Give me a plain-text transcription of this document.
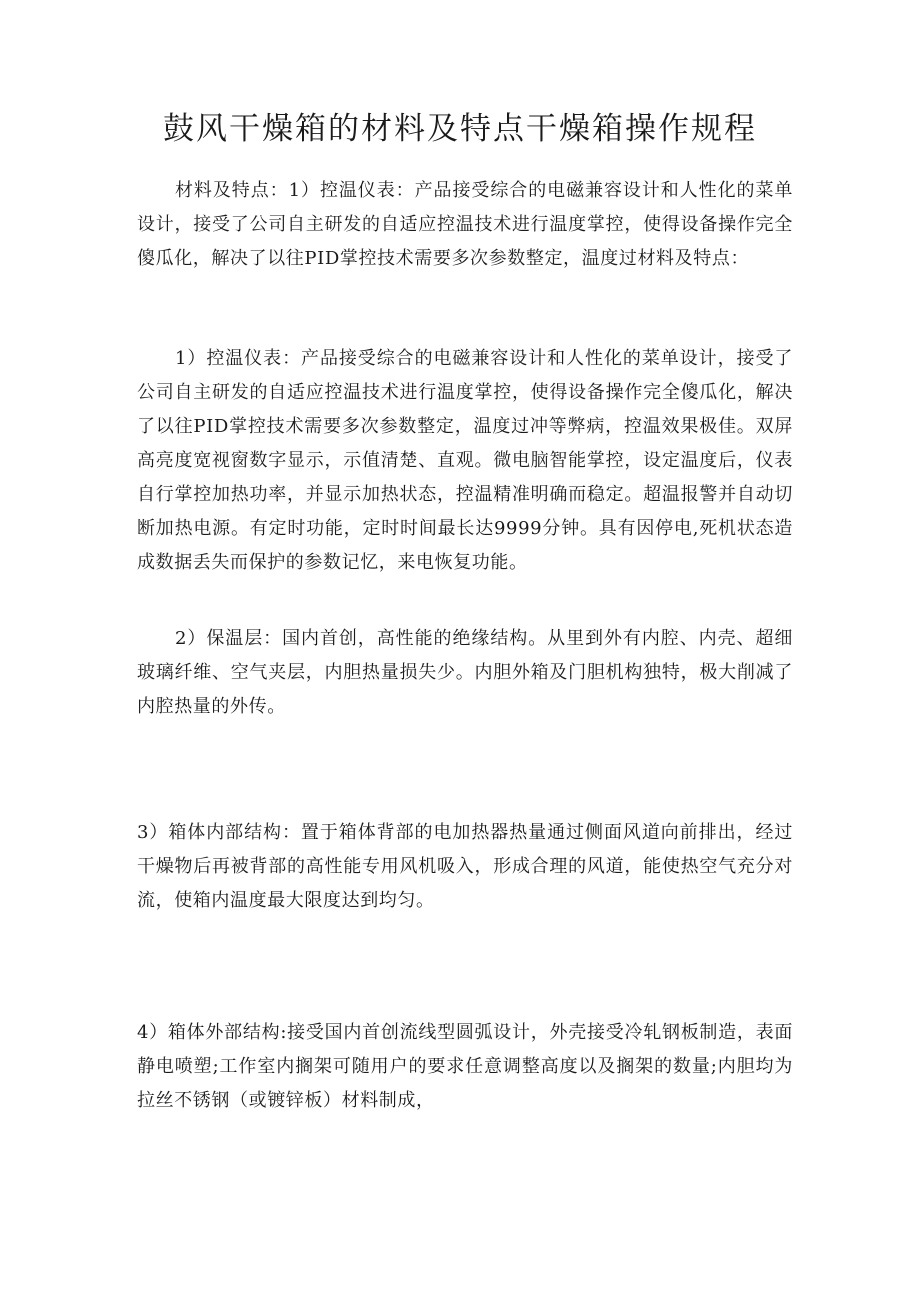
鼓风干燥箱的材料及特点干燥箱操作规程

材料及特点：1）控温仪表：产品接受综合的电磁兼容设计和人性化的菜单设计，接受了公司自主研发的自适应控温技术进行温度掌控，使得设备操作完全傻瓜化，解决了以往PID掌控技术需要多次参数整定，温度过材料及特点：

1）控温仪表：产品接受综合的电磁兼容设计和人性化的菜单设计，接受了公司自主研发的自适应控温技术进行温度掌控，使得设备操作完全傻瓜化，解决了以往PID掌控技术需要多次参数整定，温度过冲等弊病，控温效果极佳。双屏高亮度宽视窗数字显示，示值清楚、直观。微电脑智能掌控，设定温度后，仪表自行掌控加热功率，并显示加热状态，控温精准明确而稳定。超温报警并自动切断加热电源。有定时功能，定时时间最长达9999分钟。具有因停电,死机状态造成数据丢失而保护的参数记忆，来电恢复功能。

2）保温层：国内首创，高性能的绝缘结构。从里到外有内腔、内壳、超细玻璃纤维、空气夹层，内胆热量损失少。内胆外箱及门胆机构独特，极大削减了内腔热量的外传。

3）箱体内部结构：置于箱体背部的电加热器热量通过侧面风道向前排出，经过干燥物后再被背部的高性能专用风机吸入，形成合理的风道，能使热空气充分对流，使箱内温度最大限度达到均匀。

4）箱体外部结构:接受国内首创流线型圆弧设计，外壳接受冷轧钢板制造，表面静电喷塑;工作室内搁架可随用户的要求任意调整高度以及搁架的数量;内胆均为拉丝不锈钢（或镀锌板）材料制成，
